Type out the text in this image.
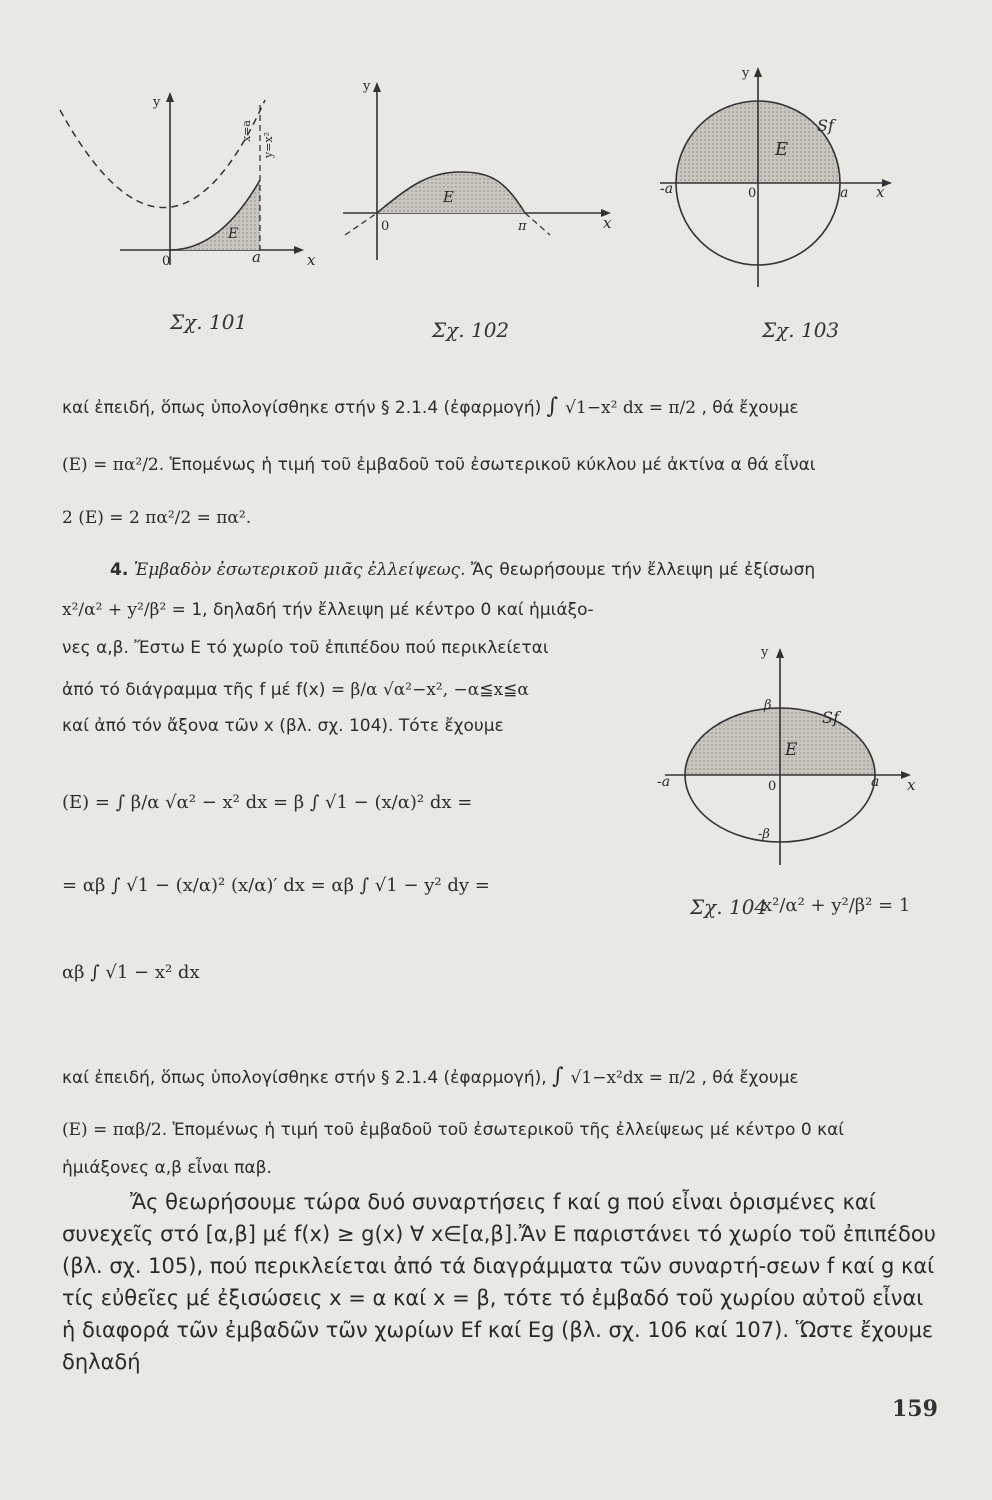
y
x
0	a
E
x=a
y=x²
Σχ. 101
y
x
0	π
E
Σχ. 102
y
x
0	a
-a
E
Sf
Σχ. 103
y
x
0	a
-a
β
-β
E
Sf
Σχ. 104
x²/α² + y²/β² = 1
καί ἐπειδή, ὅπως ὑπολογίσθηκε στήν § 2.1.4 (ἐφαρμογή) ∫ √1−x² dx = π/2 , θά ἔχουμε
(E) = πα²/2. Ἑπομένως ἡ τιμή τοῦ ἐμβαδοῦ τοῦ ἐσωτερικοῦ κύκλου μέ ἀκτίνα α θά εἶναι
2 (E) = 2 πα²/2 = πα².
4. Ἐμβαδὸν ἐσωτερικοῦ μιᾶς ἐλλείψεως. Ἄς θεωρήσουμε τήν ἔλλειψη μέ ἐξίσωση
x²/α² + y²/β² = 1, δηλαδή τήν ἔλλειψη μέ κέντρο 0 καί ἡμιάξο-
νες α,β. Ἔστω E τό χωρίο τοῦ ἐπιπέδου πού περικλείεται
ἀπό τό διάγραμμα τῆς f μέ f(x) = β/α √α²−x², −α≦x≦α
καί ἀπό τόν ἄξονα τῶν x (βλ. σχ. 104). Τότε ἔχουμε
(E) = ∫ β/α √α² − x² dx = β ∫ √1 − (x/α)² dx =
= αβ ∫ √1 − (x/α)² (x/α)′ dx = αβ ∫ √1 − y² dy =
αβ ∫ √1 − x² dx
καί ἐπειδή, ὅπως ὑπολογίσθηκε στήν § 2.1.4 (ἐφαρμογή), ∫ √1−x²dx = π/2 , θά ἔχουμε
(E) = παβ/2. Ἑπομένως ἡ τιμή τοῦ ἐμβαδοῦ τοῦ ἐσωτερικοῦ τῆς ἐλλείψεως μέ κέντρο 0 καί
ἡμιάξονες α,β εἶναι παβ.
Ἄς θεωρήσουμε τώρα δυό συναρτήσεις f καί g πού εἶναι ὁρισμένες καί συνεχεῖς στό [α,β] μέ f(x) ≥ g(x) ∀ x∈[α,β].Ἄν E παριστάνει τό χωρίο τοῦ ἐπιπέδου (βλ. σχ. 105), πού περικλείεται ἀπό τά διαγράμματα τῶν συναρτή-σεων f καί g καί τίς εὐθεῖες μέ ἐξισώσεις x = α καί x = β, τότε τό ἐμβαδό τοῦ χωρίου αὐτοῦ εἶναι ἡ διαφορά τῶν ἐμβαδῶν τῶν χωρίων Ef καί Eg (βλ. σχ. 106 καί 107). Ὥστε ἔχουμε δηλαδή
159
